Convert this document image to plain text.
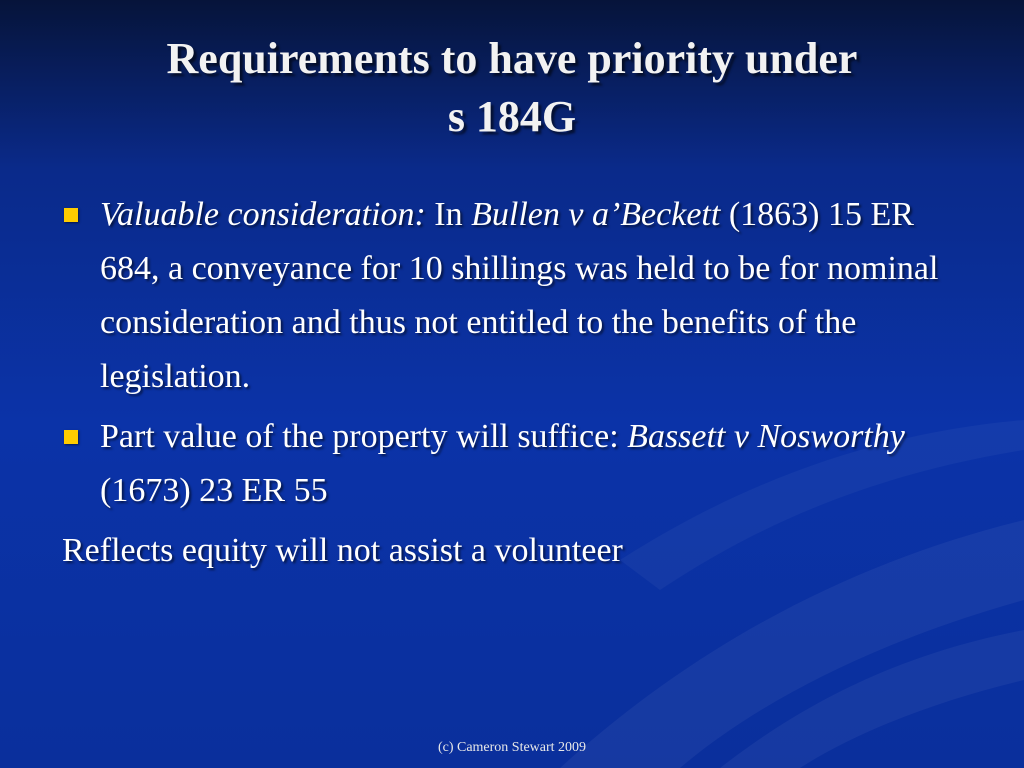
Requirements to have priority under
s 184G
Valuable consideration: In Bullen v a’Beckett (1863) 15 ER 684, a conveyance for 10 shillings was held to be for nominal consideration and thus not entitled to the benefits of the legislation.
Part value of the property will suffice: Bassett v Nosworthy (1673) 23 ER 55
Reflects equity will not assist a volunteer
(c) Cameron Stewart 2009
